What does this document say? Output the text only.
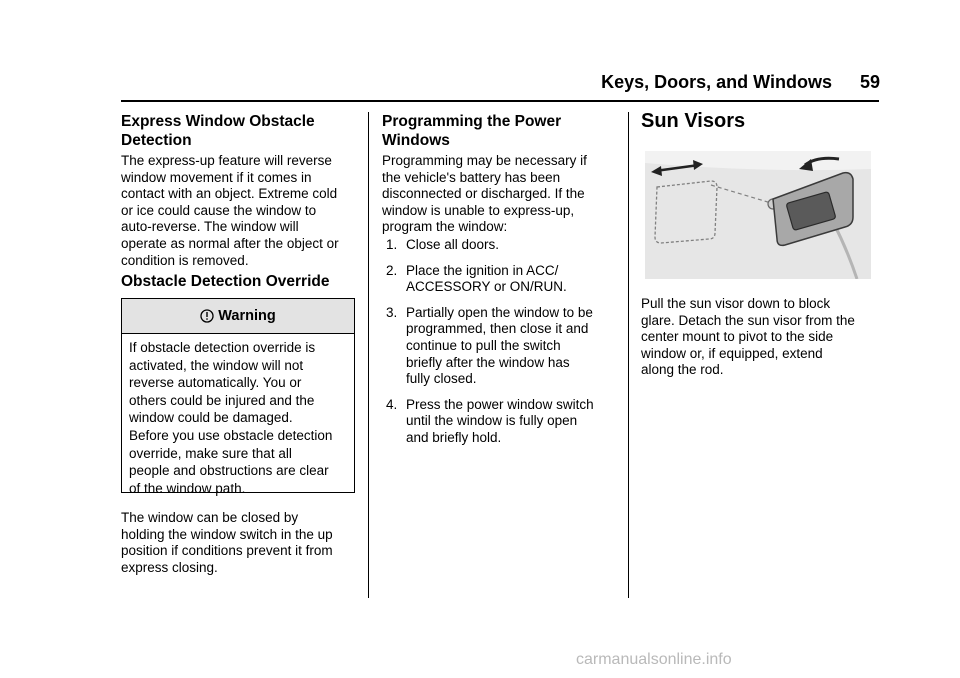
Keys, Doors, and Windows 59
Express Window Obstacle
Detection
The express-up feature will reverse
window movement if it comes in
contact with an object. Extreme cold
or ice could cause the window to
auto-reverse. The window will
operate as normal after the object or
condition is removed.
Obstacle Detection Override
Warning
If obstacle detection override is
activated, the window will not
reverse automatically. You or
others could be injured and the
window could be damaged.
Before you use obstacle detection
override, make sure that all
people and obstructions are clear
of the window path.
The window can be closed by
holding the window switch in the up
position if conditions prevent it from
express closing.
Programming the Power
Windows
Programming may be necessary if
the vehicle's battery has been
disconnected or discharged. If the
window is unable to express-up,
program the window:
1. Close all doors.
2. Place the ignition in ACC/
ACCESSORY or ON/RUN.
3. Partially open the window to be
programmed, then close it and
continue to pull the switch
briefly after the window has
fully closed.
4. Press the power window switch
until the window is fully open
and briefly hold.
Sun Visors
Pull the sun visor down to block
glare. Detach the sun visor from the
center mount to pivot to the side
window or, if equipped, extend
along the rod.
carmanualsonline.info
